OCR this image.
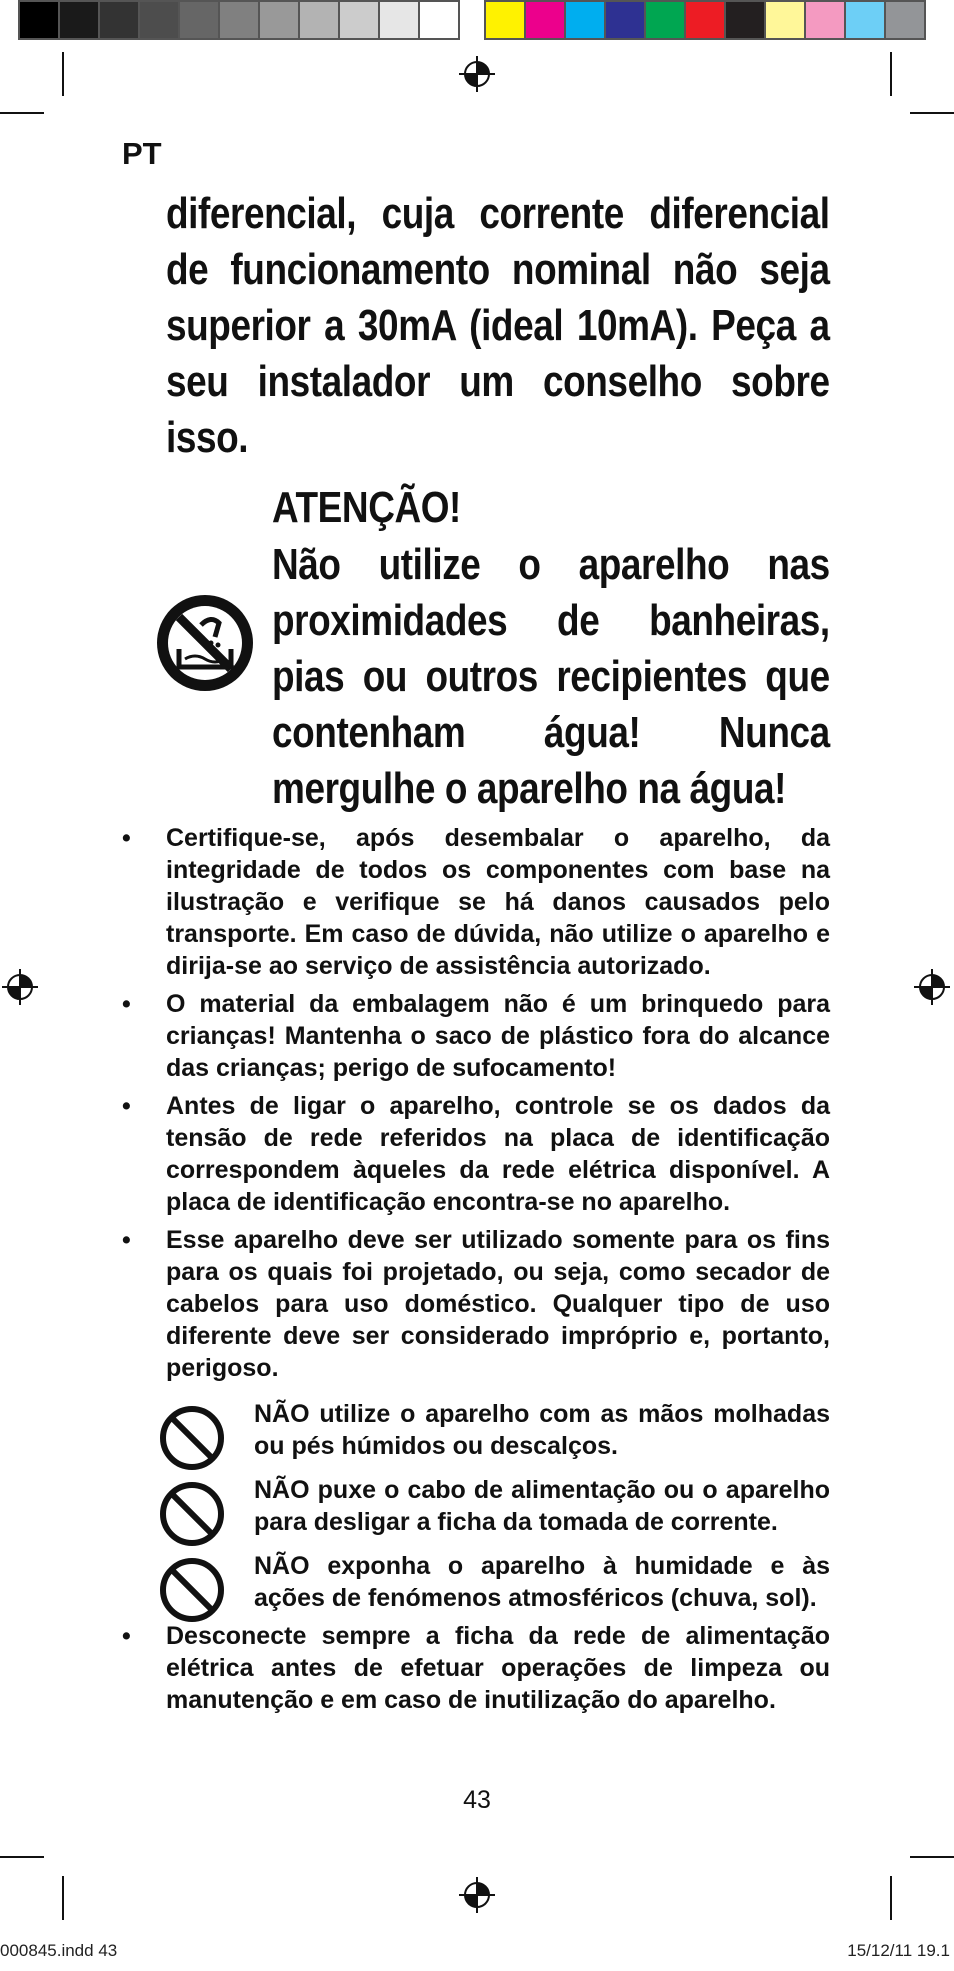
PT

diferencial, cuja corrente diferencial de funcionamento nominal não seja superior a 30mA (ideal 10mA). Peça a seu instalador um conselho sobre isso.

ATENÇÃO!

Não utilize o aparelho nas proximidades de banheiras, pias ou outros recipientes que contenham água! Nunca mergulhe o aparelho na água!

• Certifique-se, após desembalar o aparelho, da integridade de todos os componentes com base na ilustração e verifique se há danos causados pelo transporte. Em caso de dúvida, não utilize o aparelho e dirija-se ao serviço de assistência autorizado.
• O material da embalagem não é um brinquedo para crianças! Mantenha o saco de plástico fora do alcance das crianças; perigo de sufocamento!
• Antes de ligar o aparelho, controle se os dados da tensão de rede referidos na placa de identificação correspondem àqueles da rede elétrica disponível. A placa de identificação encontra-se no aparelho.
• Esse aparelho deve ser utilizado somente para os fins para os quais foi projetado, ou seja, como secador de cabelos para uso doméstico. Qualquer tipo de uso diferente deve ser considerado impróprio e, portanto, perigoso.
NÃO utilize o aparelho com as mãos molhadas ou pés húmidos ou descalços.
NÃO puxe o cabo de alimentação ou o aparelho para desligar a ficha da tomada de corrente.
NÃO exponha o aparelho à humidade e às ações de fenómenos atmosféricos (chuva, sol).
• Desconecte sempre a ficha da rede de alimentação elétrica antes de efetuar operações de limpeza ou manutenção e em caso de inutilização do aparelho.
43
000845.indd 43	15/12/11 19.1
